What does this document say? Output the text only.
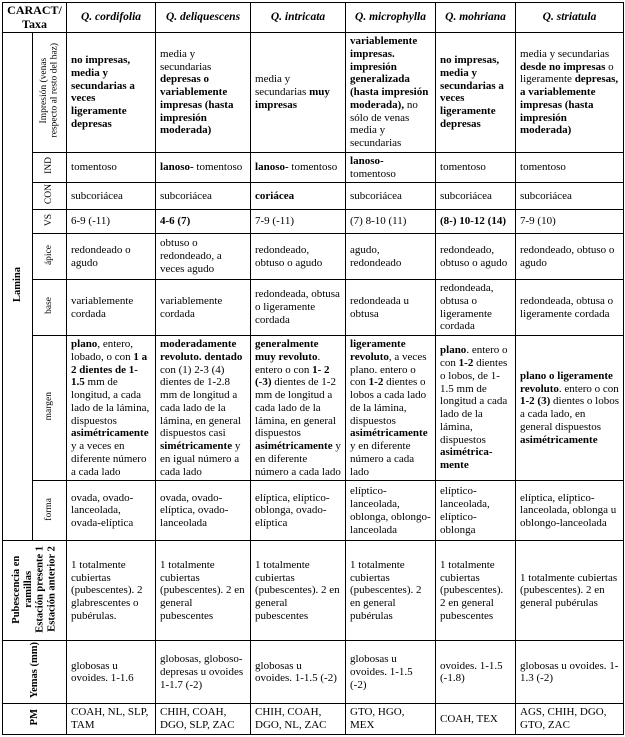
CARACT/
Taxa		Q. cordifolia	Q. deliquescens	Q. intricata	Q. microphylla	Q. mohriana	Q. striatula
Lamina	Impresión (venas
respecto al resto del haz)	no impresas, media y secundarias a veces ligeramente depresas	media y secundarias depresas o variablemente impresas (hasta impresión moderada)	media y secundarias muy impresas	variablemente impresas. impresión generalizada (hasta impresión moderada), no sólo de venas media y secundarias	no impresas, media y secundarias a veces ligeramente depresas	media y secundarias desde no impresas o ligeramente depresas, a variablemente impresas (hasta impresión moderada)
	IND	tomentoso	lanoso- tomentoso	lanoso- tomentoso	lanoso- tomentoso	tomentoso	tomentoso
	CON	subcoriácea	subcoriácea	coriácea	subcoriácea	subcoriácea	subcoriácea
	VS	6-9 (-11)	4-6 (7)	7-9 (-11)	(7) 8-10 (11)	(8-) 10-12 (14)	7-9 (10)
	ápice	redondeado o agudo	obtuso o redondeado, a veces agudo	redondeado, obtuso o agudo	agudo, redondeado	redondeado, obtuso o agudo	redondeado, obtuso o agudo
	base	variablemente cordada	variablemente cordada	redondeada, obtusa o ligeramente cordada	redondeada u obtusa	redondeada, obtusa o ligeramente cordada	redondeada, obtusa o ligeramente cordada
	margen	plano, entero, lobado, o con 1 a 2 dientes de 1-1.5 mm de longitud, a cada lado de la lámina, dispuestos asimétricamente y a veces en diferente número a cada lado	moderadamente revoluto. dentado con (1) 2-3 (4) dientes de 1-2.8 mm de longitud a cada lado de la lámina, en general dispuestos casi simétricamente y en igual número a cada lado	generalmente muy revoluto. entero o con 1- 2 (-3) dientes de 1-2 mm de longitud a cada lado de la lámina, en general dispuestos asimétricamente y en diferente número a cada lado	ligeramente revoluto, a veces plano. entero o con 1-2 dientes o lobos a cada lado de la lámina, dispuestos asimétricamente y en diferente número a cada lado	plano. entero o con 1-2 dientes o lobos, de 1- 1.5 mm de longitud a cada lado de la lámina, dispuestos asimétrica-mente	plano o ligeramente revoluto. entero o con 1-2 (3) dientes o lobos a cada lado, en general dispuestos asimétricamente
	forma	ovada, ovado-lanceolada, ovada-elíptica	ovada, ovado-elíptica, ovado-lanceolada	elíptica, elíptico-oblonga, ovado-elíptica	elíptico-lanceolada, oblonga, oblongo-lanceolada	elíptico-lanceolada, elíptico-oblonga	elíptica, elíptico-lanceolada, oblonga u oblongo-lanceolada
Pubescencia en
ramillas
Estación presente 1
Estación anterior 2		1 totalmente cubiertas (pubescentes). 2 glabrescentes o pubérulas.	1 totalmente cubiertas (pubescentes). 2 en general pubescentes	1 totalmente cubiertas (pubescentes). 2 en general pubescentes	1 totalmente cubiertas (pubescentes). 2 en general pubérulas	1 totalmente cubiertas (pubescentes). 2 en general pubescentes	1 totalmente cubiertas (pubescentes). 2 en general pubérulas
Yemas (mm)		globosas u ovoides. 1-1.6	globosas, globoso-depresas u ovoides 1-1.7 (-2)	globosas u ovoides. 1-1.5 (-2)	globosas u ovoides. 1-1.5 (-2)	ovoides. 1-1.5 (-1.8)	globosas u ovoides. 1-1.3 (-2)
PM		COAH, NL, SLP, TAM	CHIH, COAH, DGO, SLP, ZAC	CHIH, COAH, DGO, NL, ZAC	GTO, HGO, MEX	COAH, TEX	AGS, CHIH, DGO, GTO, ZAC
